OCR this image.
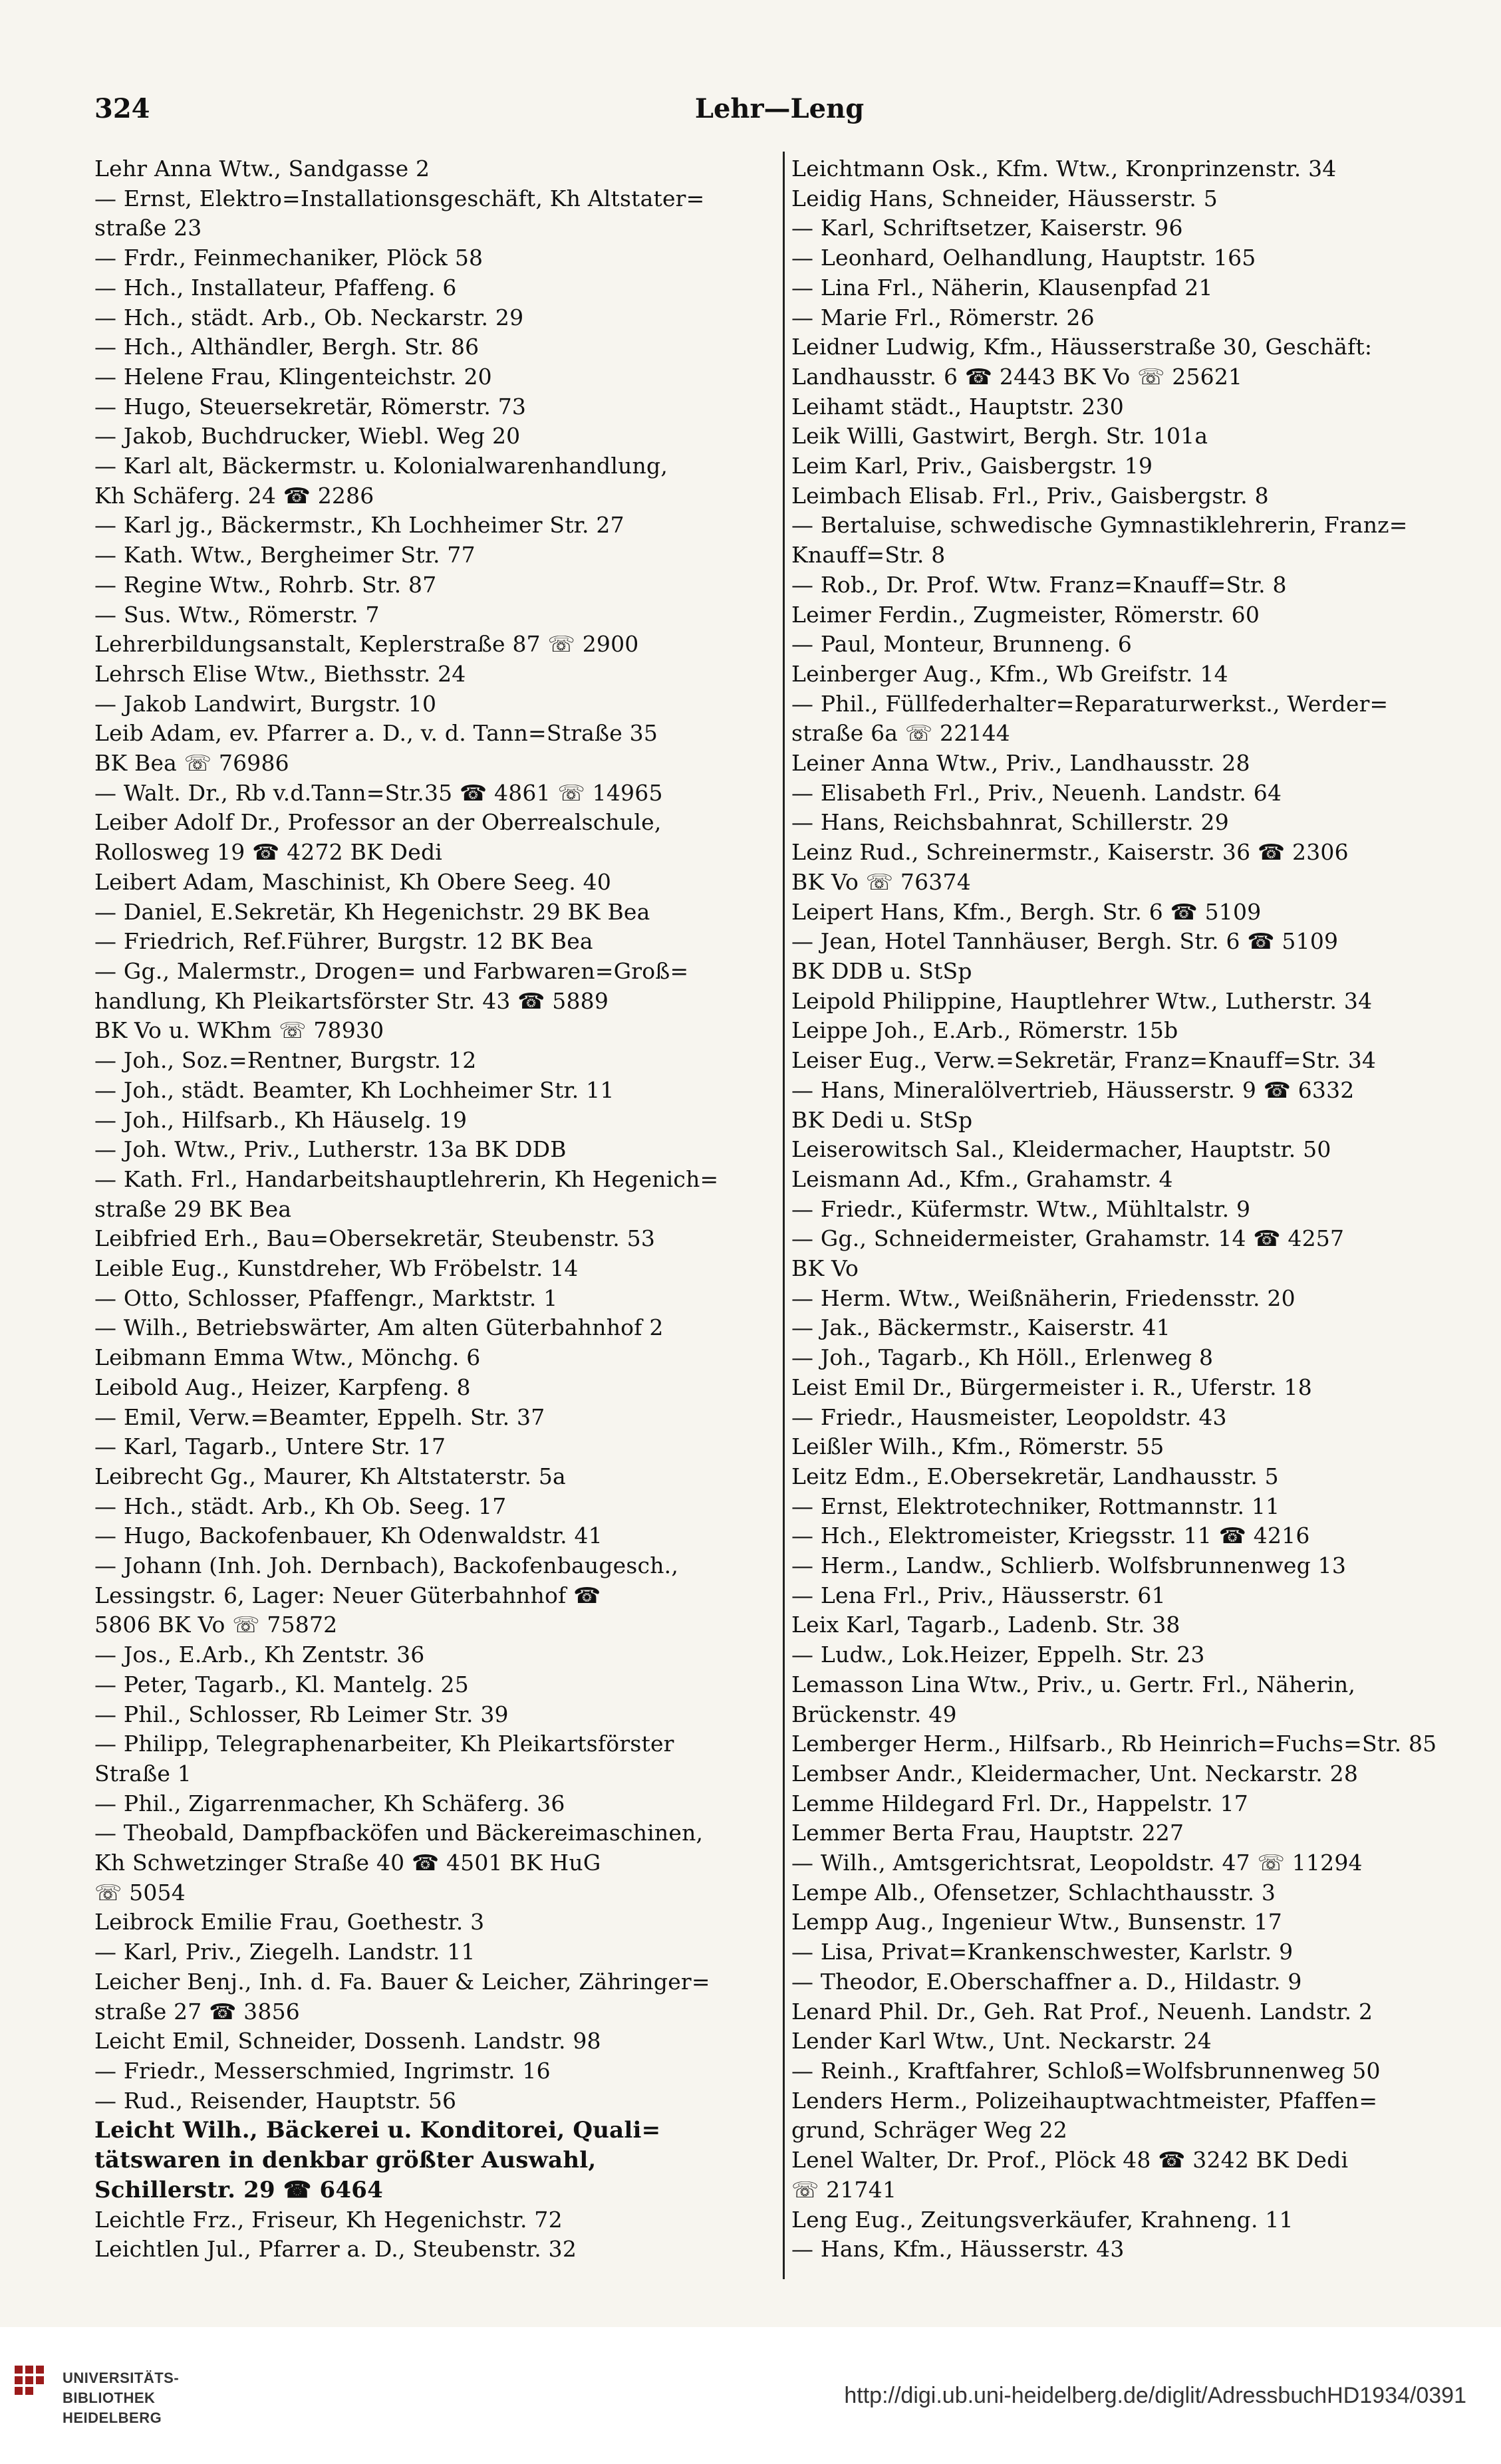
324	Lehr—Leng
Lehr Anna Wtw., Sandgasse 2
— Ernst, Elektro=Installationsgeschäft, Kh Altstater=
straße 23
— Frdr., Feinmechaniker, Plöck 58
— Hch., Installateur, Pfaffeng. 6
— Hch., städt. Arb., Ob. Neckarstr. 29
— Hch., Althändler, Bergh. Str. 86
— Helene Frau, Klingenteichstr. 20
— Hugo, Steuersekretär, Römerstr. 73
— Jakob, Buchdrucker, Wiebl. Weg 20
— Karl alt, Bäckermstr. u. Kolonialwarenhandlung,
Kh Schäferg. 24 ☎ 2286
— Karl jg., Bäckermstr., Kh Lochheimer Str. 27
— Kath. Wtw., Bergheimer Str. 77
— Regine Wtw., Rohrb. Str. 87
— Sus. Wtw., Römerstr. 7
Lehrerbildungsanstalt, Keplerstraße 87 ☏ 2900
Lehrsch Elise Wtw., Biethsstr. 24
— Jakob Landwirt, Burgstr. 10
Leib Adam, ev. Pfarrer a. D., v. d. Tann=Straße 35
BK Bea ☏ 76986
— Walt. Dr., Rb v.d.Tann=Str.35 ☎ 4861 ☏ 14965
Leiber Adolf Dr., Professor an der Oberrealschule,
Rollosweg 19 ☎ 4272 BK Dedi
Leibert Adam, Maschinist, Kh Obere Seeg. 40
— Daniel, E.Sekretär, Kh Hegenichstr. 29 BK Bea
— Friedrich, Ref.Führer, Burgstr. 12 BK Bea
— Gg., Malermstr., Drogen= und Farbwaren=Groß=
handlung, Kh Pleikartsförster Str. 43 ☎ 5889
BK Vo u. WKhm ☏ 78930
— Joh., Soz.=Rentner, Burgstr. 12
— Joh., städt. Beamter, Kh Lochheimer Str. 11
— Joh., Hilfsarb., Kh Häuselg. 19
— Joh. Wtw., Priv., Lutherstr. 13a BK DDB
— Kath. Frl., Handarbeitshauptlehrerin, Kh Hegenich=
straße 29 BK Bea
Leibfried Erh., Bau=Obersekretär, Steubenstr. 53
Leible Eug., Kunstdreher, Wb Fröbelstr. 14
— Otto, Schlosser, Pfaffengr., Marktstr. 1
— Wilh., Betriebswärter, Am alten Güterbahnhof 2
Leibmann Emma Wtw., Mönchg. 6
Leibold Aug., Heizer, Karpfeng. 8
— Emil, Verw.=Beamter, Eppelh. Str. 37
— Karl, Tagarb., Untere Str. 17
Leibrecht Gg., Maurer, Kh Altstaterstr. 5a
— Hch., städt. Arb., Kh Ob. Seeg. 17
— Hugo, Backofenbauer, Kh Odenwaldstr. 41
— Johann (Inh. Joh. Dernbach), Backofenbaugesch.,
Lessingstr. 6, Lager: Neuer Güterbahnhof ☎
5806 BK Vo ☏ 75872
— Jos., E.Arb., Kh Zentstr. 36
— Peter, Tagarb., Kl. Mantelg. 25
— Phil., Schlosser, Rb Leimer Str. 39
— Philipp, Telegraphenarbeiter, Kh Pleikartsförster
Straße 1
— Phil., Zigarrenmacher, Kh Schäferg. 36
— Theobald, Dampfbacköfen und Bäckereimaschinen,
Kh Schwetzinger Straße 40 ☎ 4501 BK HuG
☏ 5054
Leibrock Emilie Frau, Goethestr. 3
— Karl, Priv., Ziegelh. Landstr. 11
Leicher Benj., Inh. d. Fa. Bauer & Leicher, Zähringer=
straße 27 ☎ 3856
Leicht Emil, Schneider, Dossenh. Landstr. 98
— Friedr., Messerschmied, Ingrimstr. 16
— Rud., Reisender, Hauptstr. 56
Leicht Wilh., Bäckerei u. Konditorei, Quali=
tätswaren in denkbar größter Auswahl,
Schillerstr. 29 ☎ 6464
Leichtle Frz., Friseur, Kh Hegenichstr. 72
Leichtlen Jul., Pfarrer a. D., Steubenstr. 32
Leichtmann Osk., Kfm. Wtw., Kronprinzenstr. 34
Leidig Hans, Schneider, Häusserstr. 5
— Karl, Schriftsetzer, Kaiserstr. 96
— Leonhard, Oelhandlung, Hauptstr. 165
— Lina Frl., Näherin, Klausenpfad 21
— Marie Frl., Römerstr. 26
Leidner Ludwig, Kfm., Häusserstraße 30, Geschäft:
Landhausstr. 6 ☎ 2443 BK Vo ☏ 25621
Leihamt städt., Hauptstr. 230
Leik Willi, Gastwirt, Bergh. Str. 101a
Leim Karl, Priv., Gaisbergstr. 19
Leimbach Elisab. Frl., Priv., Gaisbergstr. 8
— Bertaluise, schwedische Gymnastiklehrerin, Franz=
Knauff=Str. 8
— Rob., Dr. Prof. Wtw. Franz=Knauff=Str. 8
Leimer Ferdin., Zugmeister, Römerstr. 60
— Paul, Monteur, Brunneng. 6
Leinberger Aug., Kfm., Wb Greifstr. 14
— Phil., Füllfederhalter=Reparaturwerkst., Werder=
straße 6a ☏ 22144
Leiner Anna Wtw., Priv., Landhausstr. 28
— Elisabeth Frl., Priv., Neuenh. Landstr. 64
— Hans, Reichsbahnrat, Schillerstr. 29
Leinz Rud., Schreinermstr., Kaiserstr. 36 ☎ 2306
BK Vo ☏ 76374
Leipert Hans, Kfm., Bergh. Str. 6 ☎ 5109
— Jean, Hotel Tannhäuser, Bergh. Str. 6 ☎ 5109
BK DDB u. StSp
Leipold Philippine, Hauptlehrer Wtw., Lutherstr. 34
Leippe Joh., E.Arb., Römerstr. 15b
Leiser Eug., Verw.=Sekretär, Franz=Knauff=Str. 34
— Hans, Mineralölvertrieb, Häusserstr. 9 ☎ 6332
BK Dedi u. StSp
Leiserowitsch Sal., Kleidermacher, Hauptstr. 50
Leismann Ad., Kfm., Grahamstr. 4
— Friedr., Küfermstr. Wtw., Mühltalstr. 9
— Gg., Schneidermeister, Grahamstr. 14 ☎ 4257
BK Vo
— Herm. Wtw., Weißnäherin, Friedensstr. 20
— Jak., Bäckermstr., Kaiserstr. 41
— Joh., Tagarb., Kh Höll., Erlenweg 8
Leist Emil Dr., Bürgermeister i. R., Uferstr. 18
— Friedr., Hausmeister, Leopoldstr. 43
Leißler Wilh., Kfm., Römerstr. 55
Leitz Edm., E.Obersekretär, Landhausstr. 5
— Ernst, Elektrotechniker, Rottmannstr. 11
— Hch., Elektromeister, Kriegsstr. 11 ☎ 4216
— Herm., Landw., Schlierb. Wolfsbrunnenweg 13
— Lena Frl., Priv., Häusserstr. 61
Leix Karl, Tagarb., Ladenb. Str. 38
— Ludw., Lok.Heizer, Eppelh. Str. 23
Lemasson Lina Wtw., Priv., u. Gertr. Frl., Näherin,
Brückenstr. 49
Lemberger Herm., Hilfsarb., Rb Heinrich=Fuchs=Str. 85
Lembser Andr., Kleidermacher, Unt. Neckarstr. 28
Lemme Hildegard Frl. Dr., Happelstr. 17
Lemmer Berta Frau, Hauptstr. 227
— Wilh., Amtsgerichtsrat, Leopoldstr. 47 ☏ 11294
Lempe Alb., Ofensetzer, Schlachthausstr. 3
Lempp Aug., Ingenieur Wtw., Bunsenstr. 17
— Lisa, Privat=Krankenschwester, Karlstr. 9
— Theodor, E.Oberschaffner a. D., Hildastr. 9
Lenard Phil. Dr., Geh. Rat Prof., Neuenh. Landstr. 2
Lender Karl Wtw., Unt. Neckarstr. 24
— Reinh., Kraftfahrer, Schloß=Wolfsbrunnenweg 50
Lenders Herm., Polizeihauptwachtmeister, Pfaffen=
grund, Schräger Weg 22
Lenel Walter, Dr. Prof., Plöck 48 ☎ 3242 BK Dedi
☏ 21741
Leng Eug., Zeitungsverkäufer, Krahneng. 11
— Hans, Kfm., Häusserstr. 43
UNIVERSITÄTS-
BIBLIOTHEK
HEIDELBERG
http://digi.ub.uni-heidelberg.de/diglit/AdressbuchHD1934/0391
